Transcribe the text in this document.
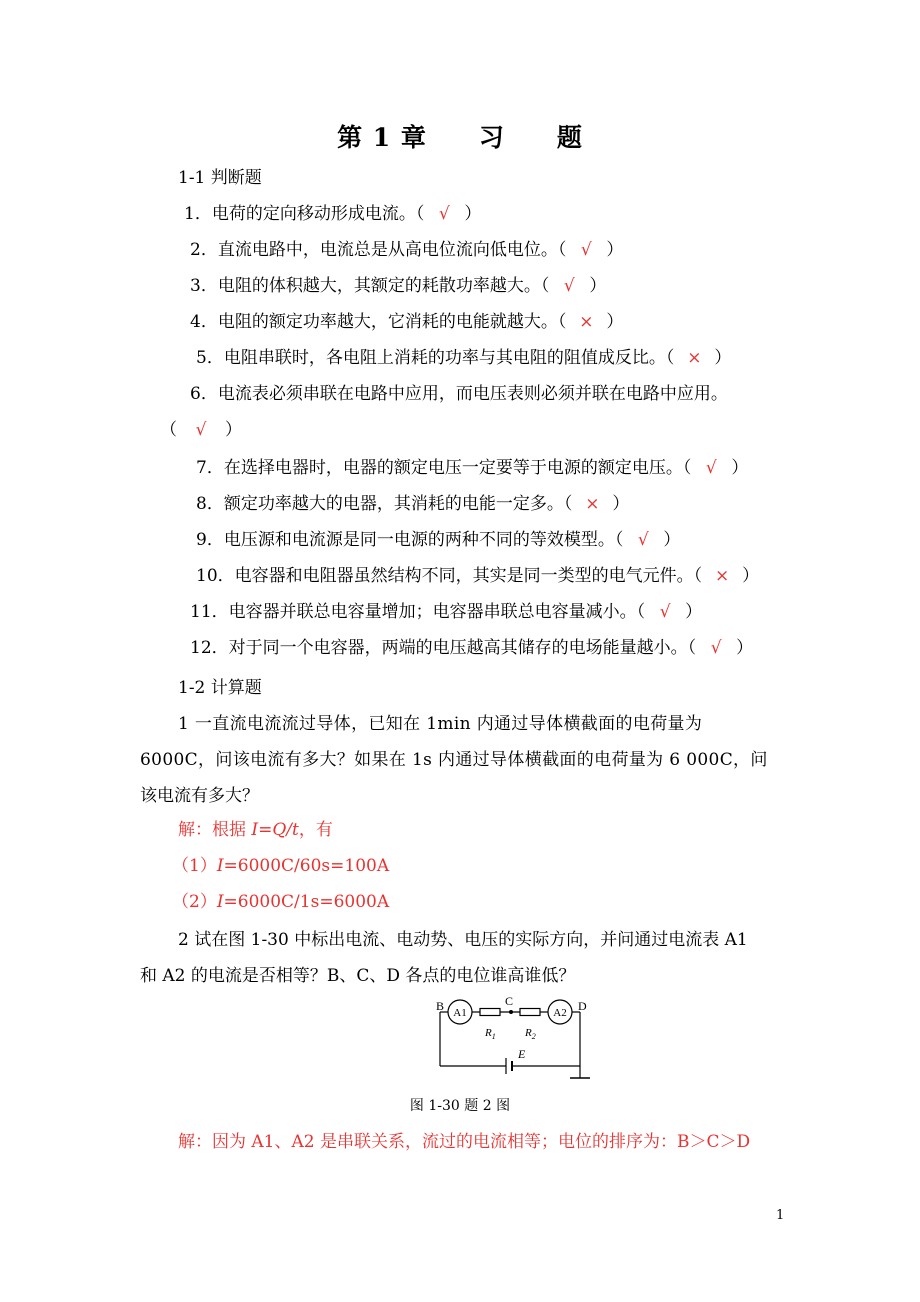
第 1 章 习 题
1-1 判断题
1．电荷的定向移动形成电流。（ √ ）
2．直流电路中，电流总是从高电位流向低电位。（ √ ）
3．电阻的体积越大，其额定的耗散功率越大。（ √ ）
4．电阻的额定功率越大，它消耗的电能就越大。（ × ）
5．电阻串联时，各电阻上消耗的功率与其电阻的阻值成反比。（ × ）
6．电流表必须串联在电路中应用，而电压表则必须并联在电路中应用。
（ √ ）
7．在选择电器时，电器的额定电压一定要等于电源的额定电压。（ √ ）
8．额定功率越大的电器，其消耗的电能一定多。（ × ）
9．电压源和电流源是同一电源的两种不同的等效模型。（ √ ）
10．电容器和电阻器虽然结构不同，其实是同一类型的电气元件。（ × ）
11．电容器并联总电容量增加；电容器串联总电容量减小。（ √ ）
12．对于同一个电容器，两端的电压越高其储存的电场能量越小。（ √ ）
1-2 计算题
1 一直流电流流过导体，已知在 1min 内通过导体横截面的电荷量为
6000C，问该电流有多大？如果在 1s 内通过导体横截面的电荷量为 6 000C，问
该电流有多大？
解：根据 I=Q/t，有
（1）I=6000C/60s=100A
（2）I=6000C/1s=6000A
2 试在图 1-30 中标出电流、电动势、电压的实际方向，并问通过电流表 A1
和 A2 的电流是否相等？B、C、D 各点的电位谁高谁低？
B	C	D
A1	A2
$R_1$	$R_2$
E
图 1-30 题 2 图
解：因为 A1、A2 是串联关系，流过的电流相等；电位的排序为：B＞C＞D
1
